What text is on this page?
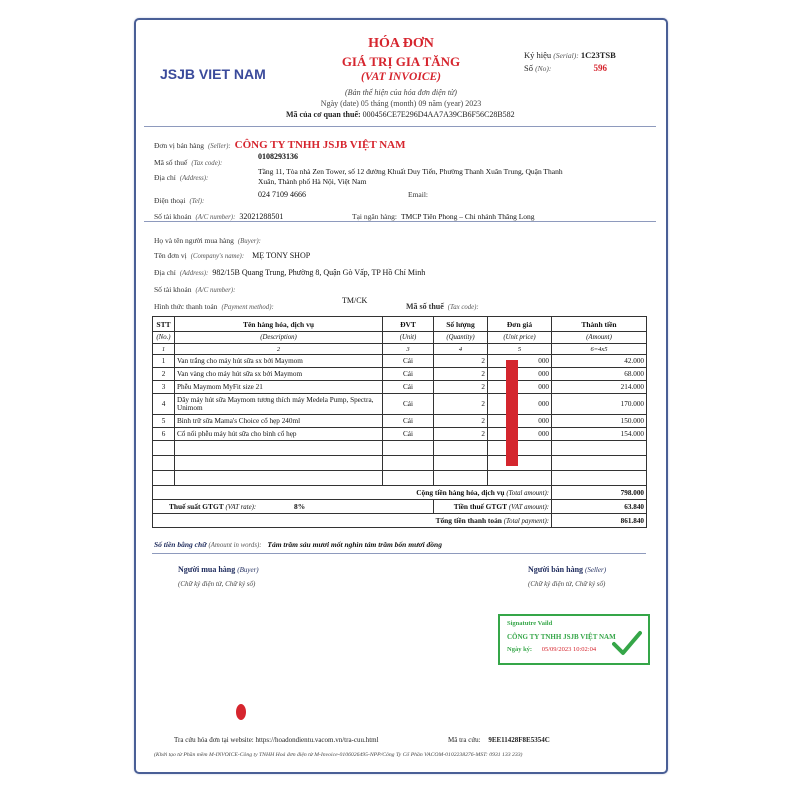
JSJB VIET NAM
HÓA ĐƠN
GIÁ TRỊ GIA TĂNG
(VAT INVOICE)
(Bản thể hiện của hóa đơn điện tử)
Ngày (date) 05 tháng (month) 09 năm (year) 2023
Mã của cơ quan thuế: 000456CE7E296D4AA7A39CB6F56C28B582
Ký hiệu (Serial): 1C23TSB
Số (No):	596
Đơn vị bán hàng (Seller): CÔNG TY TNHH JSJB VIỆT NAM
Mã số thuế (Tax code):
0108293136
Địa chỉ (Address):
Tầng 11, Tòa nhà Zen Tower, số 12 đường Khuất Duy Tiến, Phường Thanh Xuân Trung, Quận Thanh
Xuân, Thành phố Hà Nội, Việt Nam
Điện thoại (Tel):
024 7109 4666	Email:
Số tài khoản (A/C number): 32021288501	Tại ngân hàng: TMCP Tiên Phong – Chi nhánh Thăng Long
Họ và tên người mua hàng (Buyer):
Tên đơn vị (Company's name): MẸ TONY SHOP
Địa chỉ (Address): 982/15B Quang Trung, Phường 8, Quận Gò Vấp, TP Hồ Chí Minh
Số tài khoản (A/C number):
Hình thức thanh toán (Payment method):
TM/CK
Mã số thuế (Tax code):
STT	Tên hàng hóa, dịch vụ	ĐVT	Số lượng	Đơn giá	Thành tiền
(No.)	(Description)	(Unit)	(Quantity)	(Unit price)	(Amount)
1	2	3	4	5	6=4x5
1	Van trắng cho máy hút sữa sx bởi Maymom	Cái	2	000	42.000
2	Van vàng cho máy hút sữa sx bởi Maymom	Cái	2	000	68.000
3	Phễu Maymom MyFit size 21	Cái	2	000	214.000
4	Dây máy hút sữa Maymom tương thích máy Medela Pump, Spectra, Unimom	Cái	2	000	170.000
5	Bình trữ sữa Mama's Choice cổ hẹp 240ml	Cái	2	000	150.000
6	Cổ nối phễu máy hút sữa cho bình cổ hẹp	Cái	2	000	154.000

Cộng tiền hàng hóa, dịch vụ (Total amount):					798.000
Thuế suất GTGT (VAT rate): 8%			Tiền thuế GTGT (VAT amount):		63.840
Tổng tiền thanh toán (Total payment):					861.840
Số tiền bằng chữ (Amount in words): Tám trăm sáu mươi mốt nghìn tám trăm bốn mươi đồng
Người mua hàng (Buyer)
(Chữ ký điện tử, Chữ ký số)
Người bán hàng (Seller)
(Chữ ký điện tử, Chữ ký số)
Signatutre Vaild
CÔNG TY TNHH JSJB VIỆT NAM
Ngày ký: 05/09/2023 10:02:04
Tra cứu hóa đơn tại website: https://hoadondientu.vacom.vn/tra-cuu.html	Mã tra cứu: 9EE11428F8E5354C
(Khởi tạo từ Phần mềm M-INVOICE-Công ty TNHH Hoá đơn điện tử M-Invoice-0106026495-NPP/Công Ty Cổ Phần VACOM-0102238276-MST: 0931 133 233)
